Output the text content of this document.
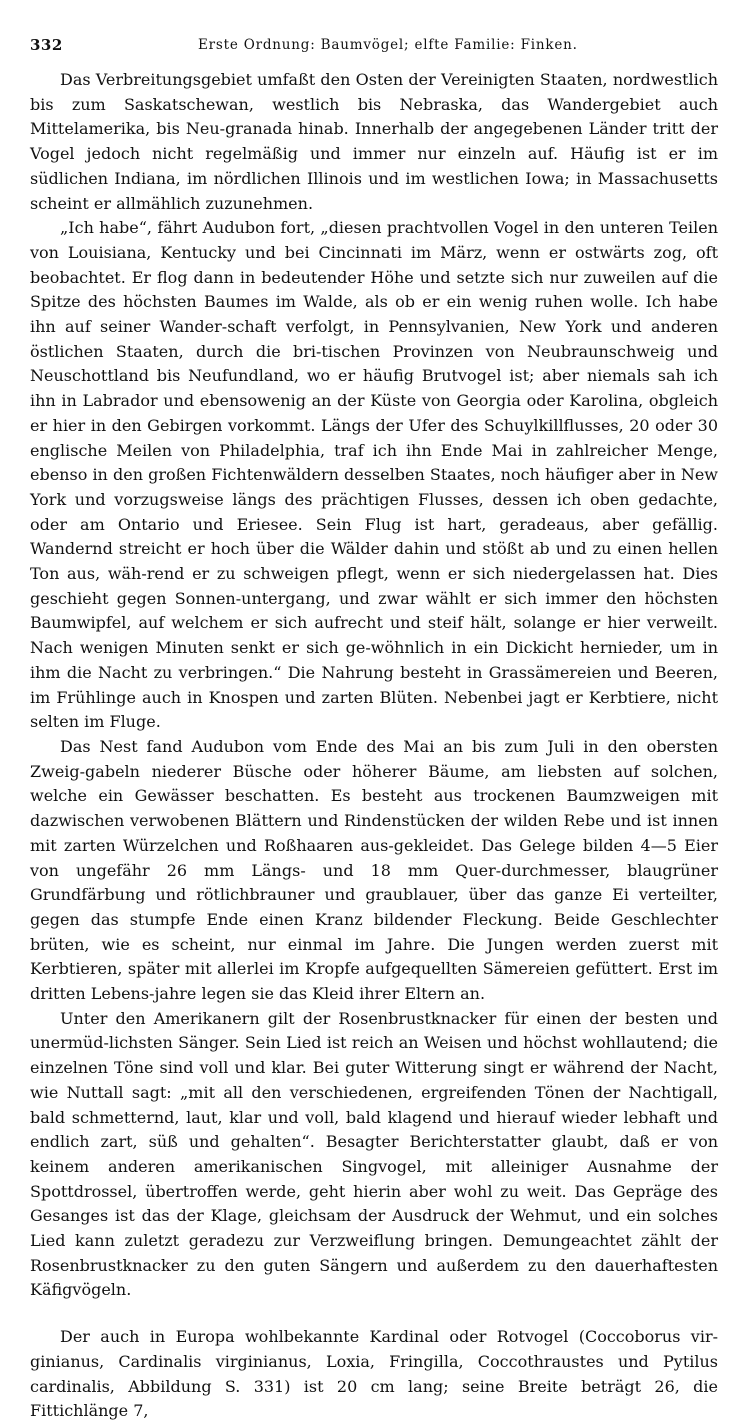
332	Erste Ordnung: Baumvögel; elfte Familie: Finken.

Das Verbreitungsgebiet umfaßt den Osten der Vereinigten Staaten, nordwestlich bis zum Saskatschewan, westlich bis Nebraska, das Wandergebiet auch Mittelamerika, bis Neu-granada hinab. Innerhalb der angegebenen Länder tritt der Vogel jedoch nicht regelmäßig und immer nur einzeln auf. Häufig ist er im südlichen Indiana, im nördlichen Illinois und im westlichen Iowa; in Massachusetts scheint er allmählich zuzunehmen.

„Ich habe“, fährt Audubon fort, „diesen prachtvollen Vogel in den unteren Teilen von Louisiana, Kentucky und bei Cincinnati im März, wenn er ostwärts zog, oft beobachtet. Er flog dann in bedeutender Höhe und setzte sich nur zuweilen auf die Spitze des höchsten Baumes im Walde, als ob er ein wenig ruhen wolle. Ich habe ihn auf seiner Wander-schaft verfolgt, in Pennsylvanien, New York und anderen östlichen Staaten, durch die bri-tischen Provinzen von Neubraunschweig und Neuschottland bis Neufundland, wo er häufig Brutvogel ist; aber niemals sah ich ihn in Labrador und ebensowenig an der Küste von Georgia oder Karolina, obgleich er hier in den Gebirgen vorkommt. Längs der Ufer des Schuylkillflusses, 20 oder 30 englische Meilen von Philadelphia, traf ich ihn Ende Mai in zahlreicher Menge, ebenso in den großen Fichtenwäldern desselben Staates, noch häufiger aber in New York und vorzugsweise längs des prächtigen Flusses, dessen ich oben gedachte, oder am Ontario und Eriesee. Sein Flug ist hart, geradeaus, aber gefällig. Wandernd streicht er hoch über die Wälder dahin und stößt ab und zu einen hellen Ton aus, wäh-rend er zu schweigen pflegt, wenn er sich niedergelassen hat. Dies geschieht gegen Sonnen-untergang, und zwar wählt er sich immer den höchsten Baumwipfel, auf welchem er sich aufrecht und steif hält, solange er hier verweilt. Nach wenigen Minuten senkt er sich ge-wöhnlich in ein Dickicht hernieder, um in ihm die Nacht zu verbringen.“ Die Nahrung besteht in Grassämereien und Beeren, im Frühlinge auch in Knospen und zarten Blüten. Nebenbei jagt er Kerbtiere, nicht selten im Fluge.

Das Nest fand Audubon vom Ende des Mai an bis zum Juli in den obersten Zweig-gabeln niederer Büsche oder höherer Bäume, am liebsten auf solchen, welche ein Gewässer beschatten. Es besteht aus trockenen Baumzweigen mit dazwischen verwobenen Blättern und Rindenstücken der wilden Rebe und ist innen mit zarten Würzelchen und Roßhaaren aus-gekleidet. Das Gelege bilden 4—5 Eier von ungefähr 26 mm Längs- und 18 mm Quer-durchmesser, blaugrüner Grundfärbung und rötlichbrauner und graublauer, über das ganze Ei verteilter, gegen das stumpfe Ende einen Kranz bildender Fleckung. Beide Geschlechter brüten, wie es scheint, nur einmal im Jahre. Die Jungen werden zuerst mit Kerbtieren, später mit allerlei im Kropfe aufgequellten Sämereien gefüttert. Erst im dritten Lebens-jahre legen sie das Kleid ihrer Eltern an.

Unter den Amerikanern gilt der Rosenbrustknacker für einen der besten und unermüd-lichsten Sänger. Sein Lied ist reich an Weisen und höchst wohllautend; die einzelnen Töne sind voll und klar. Bei guter Witterung singt er während der Nacht, wie Nuttall sagt: „mit all den verschiedenen, ergreifenden Tönen der Nachtigall, bald schmetternd, laut, klar und voll, bald klagend und hierauf wieder lebhaft und endlich zart, süß und gehalten“. Besagter Berichterstatter glaubt, daß er von keinem anderen amerikanischen Singvogel, mit alleiniger Ausnahme der Spottdrossel, übertroffen werde, geht hierin aber wohl zu weit. Das Gepräge des Gesanges ist das der Klage, gleichsam der Ausdruck der Wehmut, und ein solches Lied kann zuletzt geradezu zur Verzweiflung bringen. Demungeachtet zählt der Rosenbrustknacker zu den guten Sängern und außerdem zu den dauerhaftesten Käfigvögeln.

Der auch in Europa wohlbekannte Kardinal oder Rotvogel (Coccoborus vir-ginianus, Cardinalis virginianus, Loxia, Fringilla, Coccothraustes und Pytilus cardinalis, Abbildung S. 331) ist 20 cm lang; seine Breite beträgt 26, die Fittichlänge 7,
